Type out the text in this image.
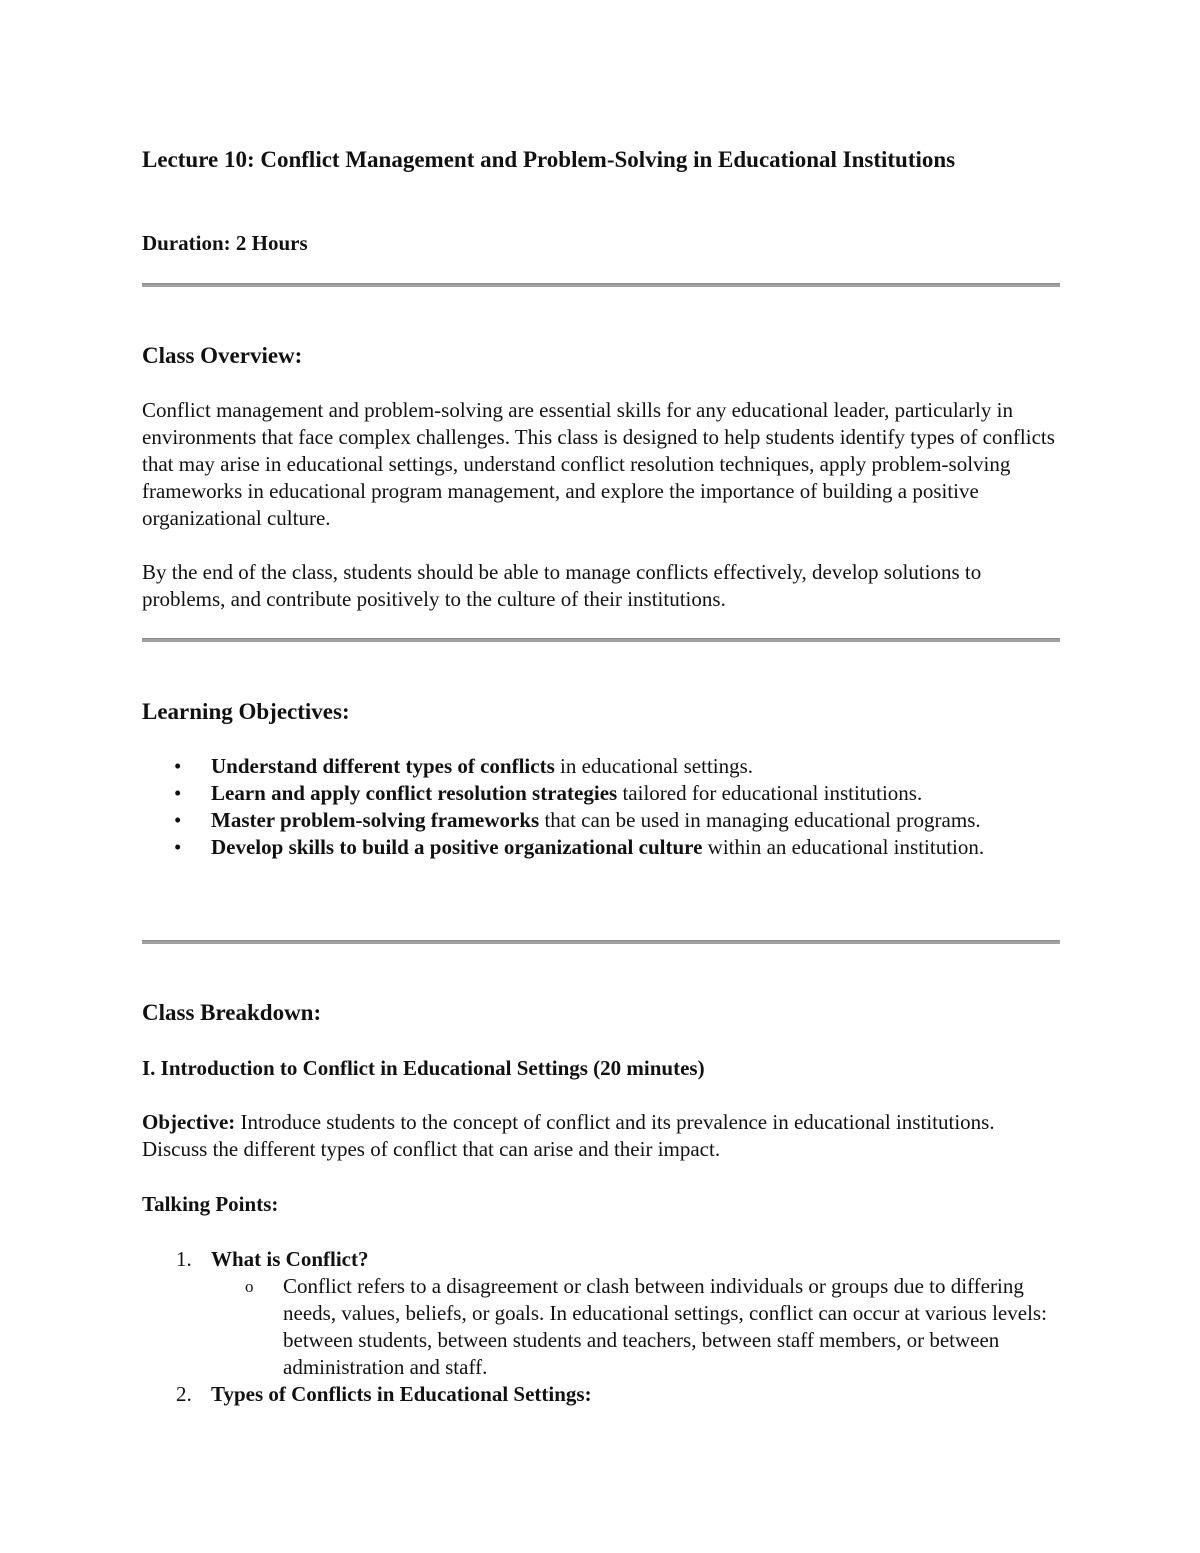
Lecture 10: Conflict Management and Problem-Solving in Educational Institutions

Duration: 2 Hours

Class Overview:

Conflict management and problem-solving are essential skills for any educational leader, particularly in environments that face complex challenges. This class is designed to help students identify types of conflicts that may arise in educational settings, understand conflict resolution techniques, apply problem-solving frameworks in educational program management, and explore the importance of building a positive organizational culture.

By the end of the class, students should be able to manage conflicts effectively, develop solutions to problems, and contribute positively to the culture of their institutions.

Learning Objectives:
• Understand different types of conflicts in educational settings.
• Learn and apply conflict resolution strategies tailored for educational institutions.
• Master problem-solving frameworks that can be used in managing educational programs.
• Develop skills to build a positive organizational culture within an educational institution.
Class Breakdown:

I. Introduction to Conflict in Educational Settings (20 minutes)

Objective: Introduce students to the concept of conflict and its prevalence in educational institutions. Discuss the different types of conflict that can arise and their impact.

Talking Points:

1. What is Conflict?
o Conflict refers to a disagreement or clash between individuals or groups due to differing needs, values, beliefs, or goals. In educational settings, conflict can occur at various levels: between students, between students and teachers, between staff members, or between administration and staff.
2. Types of Conflicts in Educational Settings:
